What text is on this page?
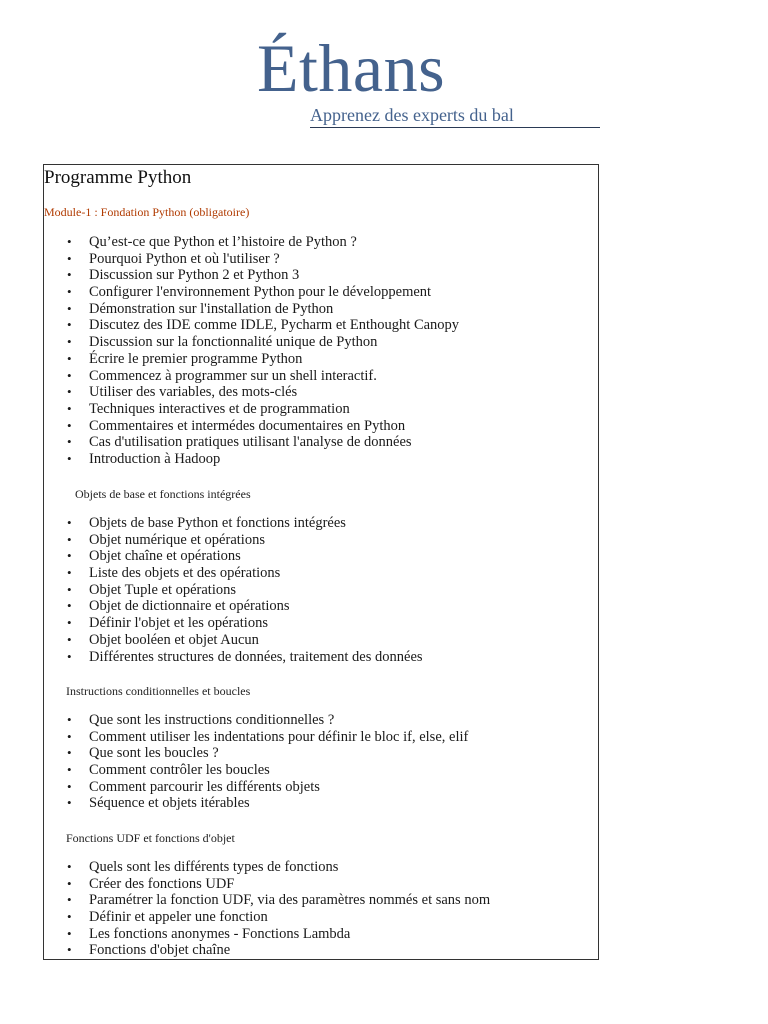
Éthans
Apprenez des experts du bal
Programme Python
Module-1 : Fondation Python (obligatoire)
• Qu’est-ce que Python et l’histoire de Python ?
• Pourquoi Python et où l'utiliser ?
• Discussion sur Python 2 et Python 3
• Configurer l'environnement Python pour le développement
• Démonstration sur l'installation de Python
• Discutez des IDE comme IDLE, Pycharm et Enthought Canopy
• Discussion sur la fonctionnalité unique de Python
• Écrire le premier programme Python
• Commencez à programmer sur un shell interactif.
• Utiliser des variables, des mots-clés
• Techniques interactives et de programmation
• Commentaires et intermédes documentaires en Python
• Cas d'utilisation pratiques utilisant l'analyse de données
• Introduction à Hadoop
Objets de base et fonctions intégrées
• Objets de base Python et fonctions intégrées
• Objet numérique et opérations
• Objet chaîne et opérations
• Liste des objets et des opérations
• Objet Tuple et opérations
• Objet de dictionnaire et opérations
• Définir l'objet et les opérations
• Objet booléen et objet Aucun
• Différentes structures de données, traitement des données
Instructions conditionnelles et boucles
• Que sont les instructions conditionnelles ?
• Comment utiliser les indentations pour définir le bloc if, else, elif
• Que sont les boucles ?
• Comment contrôler les boucles
• Comment parcourir les différents objets
• Séquence et objets itérables
Fonctions UDF et fonctions d'objet
• Quels sont les différents types de fonctions
• Créer des fonctions UDF
• Paramétrer la fonction UDF, via des paramètres nommés et sans nom
• Définir et appeler une fonction
• Les fonctions anonymes - Fonctions Lambda
• Fonctions d'objet chaîne
